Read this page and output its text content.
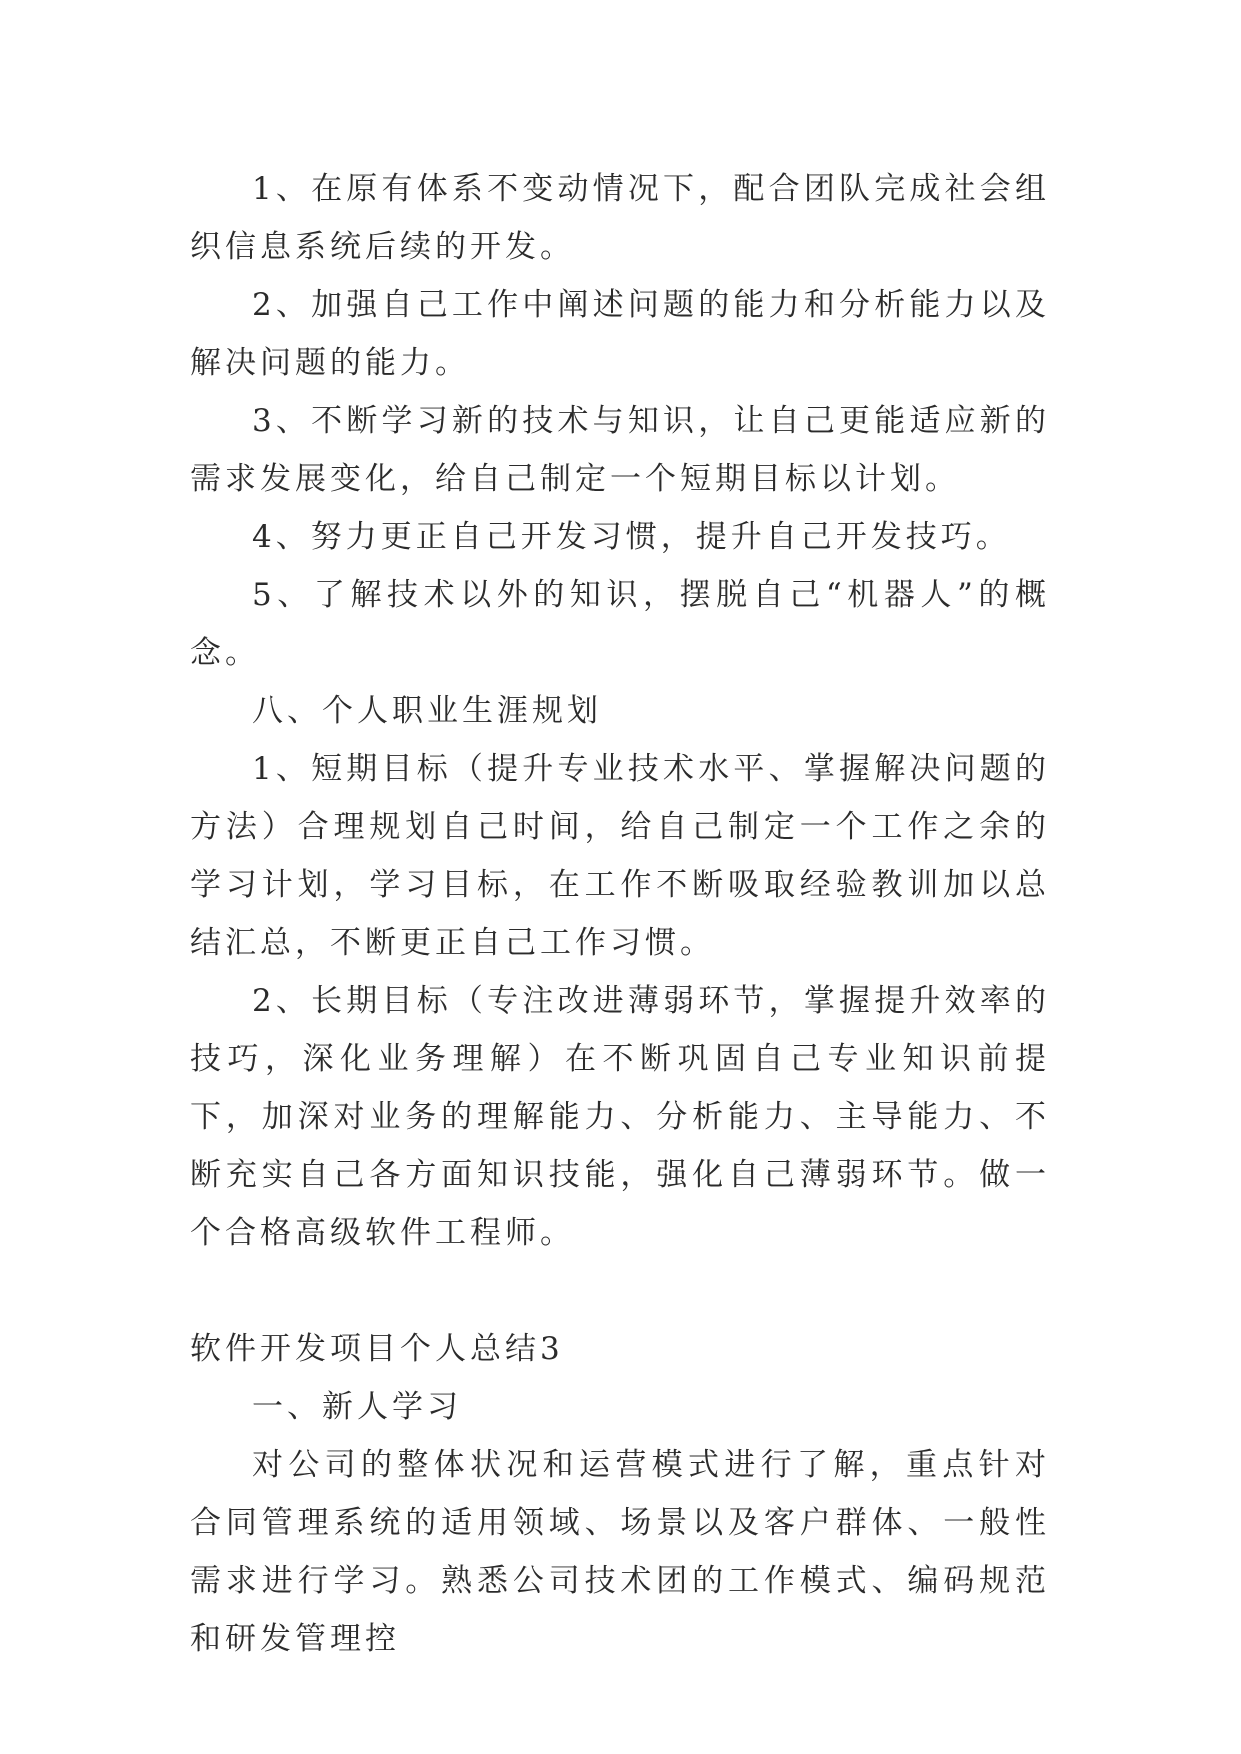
1、在原有体系不变动情况下，配合团队完成社会组织信息系统后续的开发。

2、加强自己工作中阐述问题的能力和分析能力以及解决问题的能力。

3、不断学习新的技术与知识，让自己更能适应新的需求发展变化，给自己制定一个短期目标以计划。

4、努力更正自己开发习惯，提升自己开发技巧。

5、了解技术以外的知识，摆脱自己“机器人”的概念。

八、个人职业生涯规划

1、短期目标（提升专业技术水平、掌握解决问题的方法）合理规划自己时间，给自己制定一个工作之余的学习计划，学习目标，在工作不断吸取经验教训加以总结汇总，不断更正自己工作习惯。

2、长期目标（专注改进薄弱环节，掌握提升效率的技巧，深化业务理解）在不断巩固自己专业知识前提下，加深对业务的理解能力、分析能力、主导能力、不断充实自己各方面知识技能，强化自己薄弱环节。做一个合格高级软件工程师。

软件开发项目个人总结3

一、新人学习

对公司的整体状况和运营模式进行了解，重点针对合同管理系统的适用领域、场景以及客户群体、一般性需求进行学习。熟悉公司技术团的工作模式、编码规范和研发管理控
